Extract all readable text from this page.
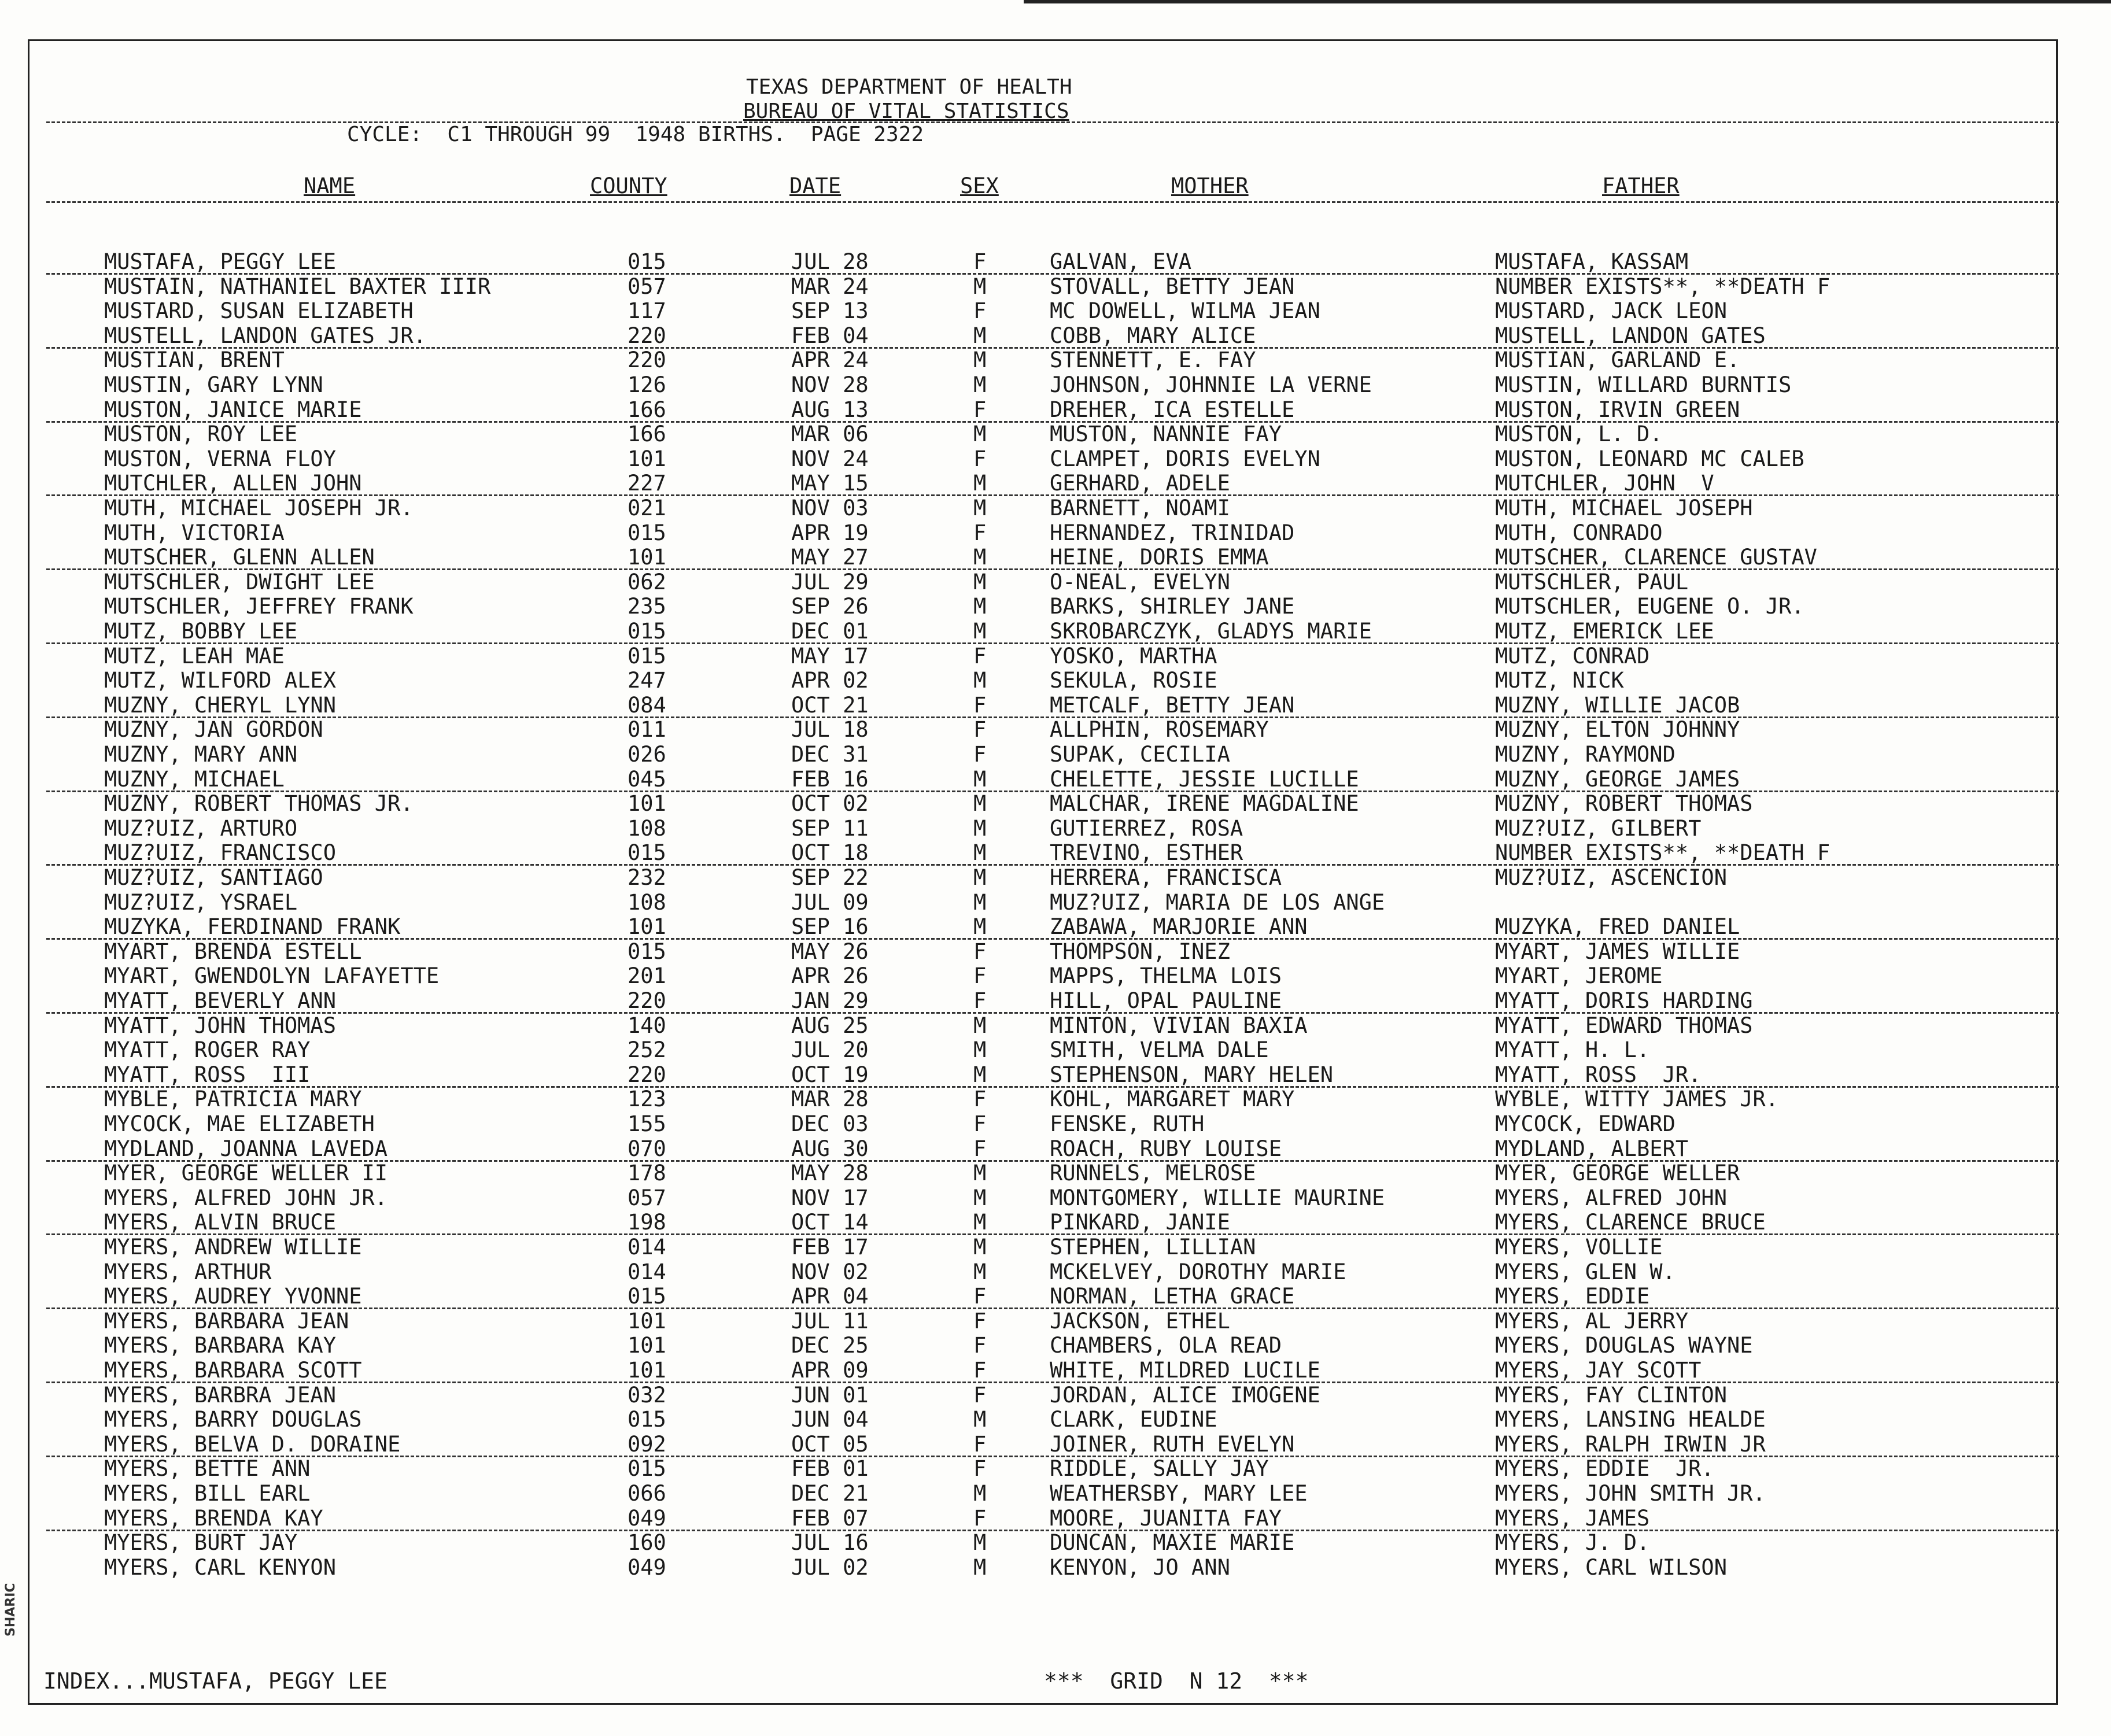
SHARIC
TEXAS DEPARTMENT OF HEALTH
BUREAU OF VITAL STATISTICS
CYCLE:  C1 THROUGH 99  1948 BIRTHS.  PAGE 2322
NAME	COUNTY	DATE	SEX	MOTHER	FATHER
MUSTAFA, PEGGY LEE	015	JUL 28	F	GALVAN, EVA	MUSTAFA, KASSAM
MUSTAIN, NATHANIEL BAXTER IIIR	057	MAR 24	M	STOVALL, BETTY JEAN	NUMBER EXISTS**, **DEATH F
MUSTARD, SUSAN ELIZABETH	117	SEP 13	F	MC DOWELL, WILMA JEAN	MUSTARD, JACK LEON
MUSTELL, LANDON GATES JR.	220	FEB 04	M	COBB, MARY ALICE	MUSTELL, LANDON GATES
MUSTIAN, BRENT	220	APR 24	M	STENNETT, E. FAY	MUSTIAN, GARLAND E.
MUSTIN, GARY LYNN	126	NOV 28	M	JOHNSON, JOHNNIE LA VERNE	MUSTIN, WILLARD BURNTIS
MUSTON, JANICE MARIE	166	AUG 13	F	DREHER, ICA ESTELLE	MUSTON, IRVIN GREEN
MUSTON, ROY LEE	166	MAR 06	M	MUSTON, NANNIE FAY	MUSTON, L. D.
MUSTON, VERNA FLOY	101	NOV 24	F	CLAMPET, DORIS EVELYN	MUSTON, LEONARD MC CALEB
MUTCHLER, ALLEN JOHN	227	MAY 15	M	GERHARD, ADELE	MUTCHLER, JOHN  V
MUTH, MICHAEL JOSEPH JR.	021	NOV 03	M	BARNETT, NOAMI	MUTH, MICHAEL JOSEPH
MUTH, VICTORIA	015	APR 19	F	HERNANDEZ, TRINIDAD	MUTH, CONRADO
MUTSCHER, GLENN ALLEN	101	MAY 27	M	HEINE, DORIS EMMA	MUTSCHER, CLARENCE GUSTAV
MUTSCHLER, DWIGHT LEE	062	JUL 29	M	O-NEAL, EVELYN	MUTSCHLER, PAUL
MUTSCHLER, JEFFREY FRANK	235	SEP 26	M	BARKS, SHIRLEY JANE	MUTSCHLER, EUGENE O. JR.
MUTZ, BOBBY LEE	015	DEC 01	M	SKROBARCZYK, GLADYS MARIE	MUTZ, EMERICK LEE
MUTZ, LEAH MAE	015	MAY 17	F	YOSKO, MARTHA	MUTZ, CONRAD
MUTZ, WILFORD ALEX	247	APR 02	M	SEKULA, ROSIE	MUTZ, NICK
MUZNY, CHERYL LYNN	084	OCT 21	F	METCALF, BETTY JEAN	MUZNY, WILLIE JACOB
MUZNY, JAN GORDON	011	JUL 18	F	ALLPHIN, ROSEMARY	MUZNY, ELTON JOHNNY
MUZNY, MARY ANN	026	DEC 31	F	SUPAK, CECILIA	MUZNY, RAYMOND
MUZNY, MICHAEL	045	FEB 16	M	CHELETTE, JESSIE LUCILLE	MUZNY, GEORGE JAMES
MUZNY, ROBERT THOMAS JR.	101	OCT 02	M	MALCHAR, IRENE MAGDALINE	MUZNY, ROBERT THOMAS
MUZ?UIZ, ARTURO	108	SEP 11	M	GUTIERREZ, ROSA	MUZ?UIZ, GILBERT
MUZ?UIZ, FRANCISCO	015	OCT 18	M	TREVINO, ESTHER	NUMBER EXISTS**, **DEATH F
MUZ?UIZ, SANTIAGO	232	SEP 22	M	HERRERA, FRANCISCA	MUZ?UIZ, ASCENCION
MUZ?UIZ, YSRAEL	108	JUL 09	M	MUZ?UIZ, MARIA DE LOS ANGE
MUZYKA, FERDINAND FRANK	101	SEP 16	M	ZABAWA, MARJORIE ANN	MUZYKA, FRED DANIEL
MYART, BRENDA ESTELL	015	MAY 26	F	THOMPSON, INEZ	MYART, JAMES WILLIE
MYART, GWENDOLYN LAFAYETTE	201	APR 26	F	MAPPS, THELMA LOIS	MYART, JEROME
MYATT, BEVERLY ANN	220	JAN 29	F	HILL, OPAL PAULINE	MYATT, DORIS HARDING
MYATT, JOHN THOMAS	140	AUG 25	M	MINTON, VIVIAN BAXIA	MYATT, EDWARD THOMAS
MYATT, ROGER RAY	252	JUL 20	M	SMITH, VELMA DALE	MYATT, H. L.
MYATT, ROSS  III	220	OCT 19	M	STEPHENSON, MARY HELEN	MYATT, ROSS  JR.
MYBLE, PATRICIA MARY	123	MAR 28	F	KOHL, MARGARET MARY	WYBLE, WITTY JAMES JR.
MYCOCK, MAE ELIZABETH	155	DEC 03	F	FENSKE, RUTH	MYCOCK, EDWARD
MYDLAND, JOANNA LAVEDA	070	AUG 30	F	ROACH, RUBY LOUISE	MYDLAND, ALBERT
MYER, GEORGE WELLER II	178	MAY 28	M	RUNNELS, MELROSE	MYER, GEORGE WELLER
MYERS, ALFRED JOHN JR.	057	NOV 17	M	MONTGOMERY, WILLIE MAURINE	MYERS, ALFRED JOHN
MYERS, ALVIN BRUCE	198	OCT 14	M	PINKARD, JANIE	MYERS, CLARENCE BRUCE
MYERS, ANDREW WILLIE	014	FEB 17	M	STEPHEN, LILLIAN	MYERS, VOLLIE
MYERS, ARTHUR	014	NOV 02	M	MCKELVEY, DOROTHY MARIE	MYERS, GLEN W.
MYERS, AUDREY YVONNE	015	APR 04	F	NORMAN, LETHA GRACE	MYERS, EDDIE
MYERS, BARBARA JEAN	101	JUL 11	F	JACKSON, ETHEL	MYERS, AL JERRY
MYERS, BARBARA KAY	101	DEC 25	F	CHAMBERS, OLA READ	MYERS, DOUGLAS WAYNE
MYERS, BARBARA SCOTT	101	APR 09	F	WHITE, MILDRED LUCILE	MYERS, JAY SCOTT
MYERS, BARBRA JEAN	032	JUN 01	F	JORDAN, ALICE IMOGENE	MYERS, FAY CLINTON
MYERS, BARRY DOUGLAS	015	JUN 04	M	CLARK, EUDINE	MYERS, LANSING HEALDE
MYERS, BELVA D. DORAINE	092	OCT 05	F	JOINER, RUTH EVELYN	MYERS, RALPH IRWIN JR
MYERS, BETTE ANN	015	FEB 01	F	RIDDLE, SALLY JAY	MYERS, EDDIE  JR.
MYERS, BILL EARL	066	DEC 21	M	WEATHERSBY, MARY LEE	MYERS, JOHN SMITH JR.
MYERS, BRENDA KAY	049	FEB 07	F	MOORE, JUANITA FAY	MYERS, JAMES
MYERS, BURT JAY	160	JUL 16	M	DUNCAN, MAXIE MARIE	MYERS, J. D.
MYERS, CARL KENYON	049	JUL 02	M	KENYON, JO ANN	MYERS, CARL WILSON
INDEX...MUSTAFA, PEGGY LEE	***  GRID  N 12  ***
